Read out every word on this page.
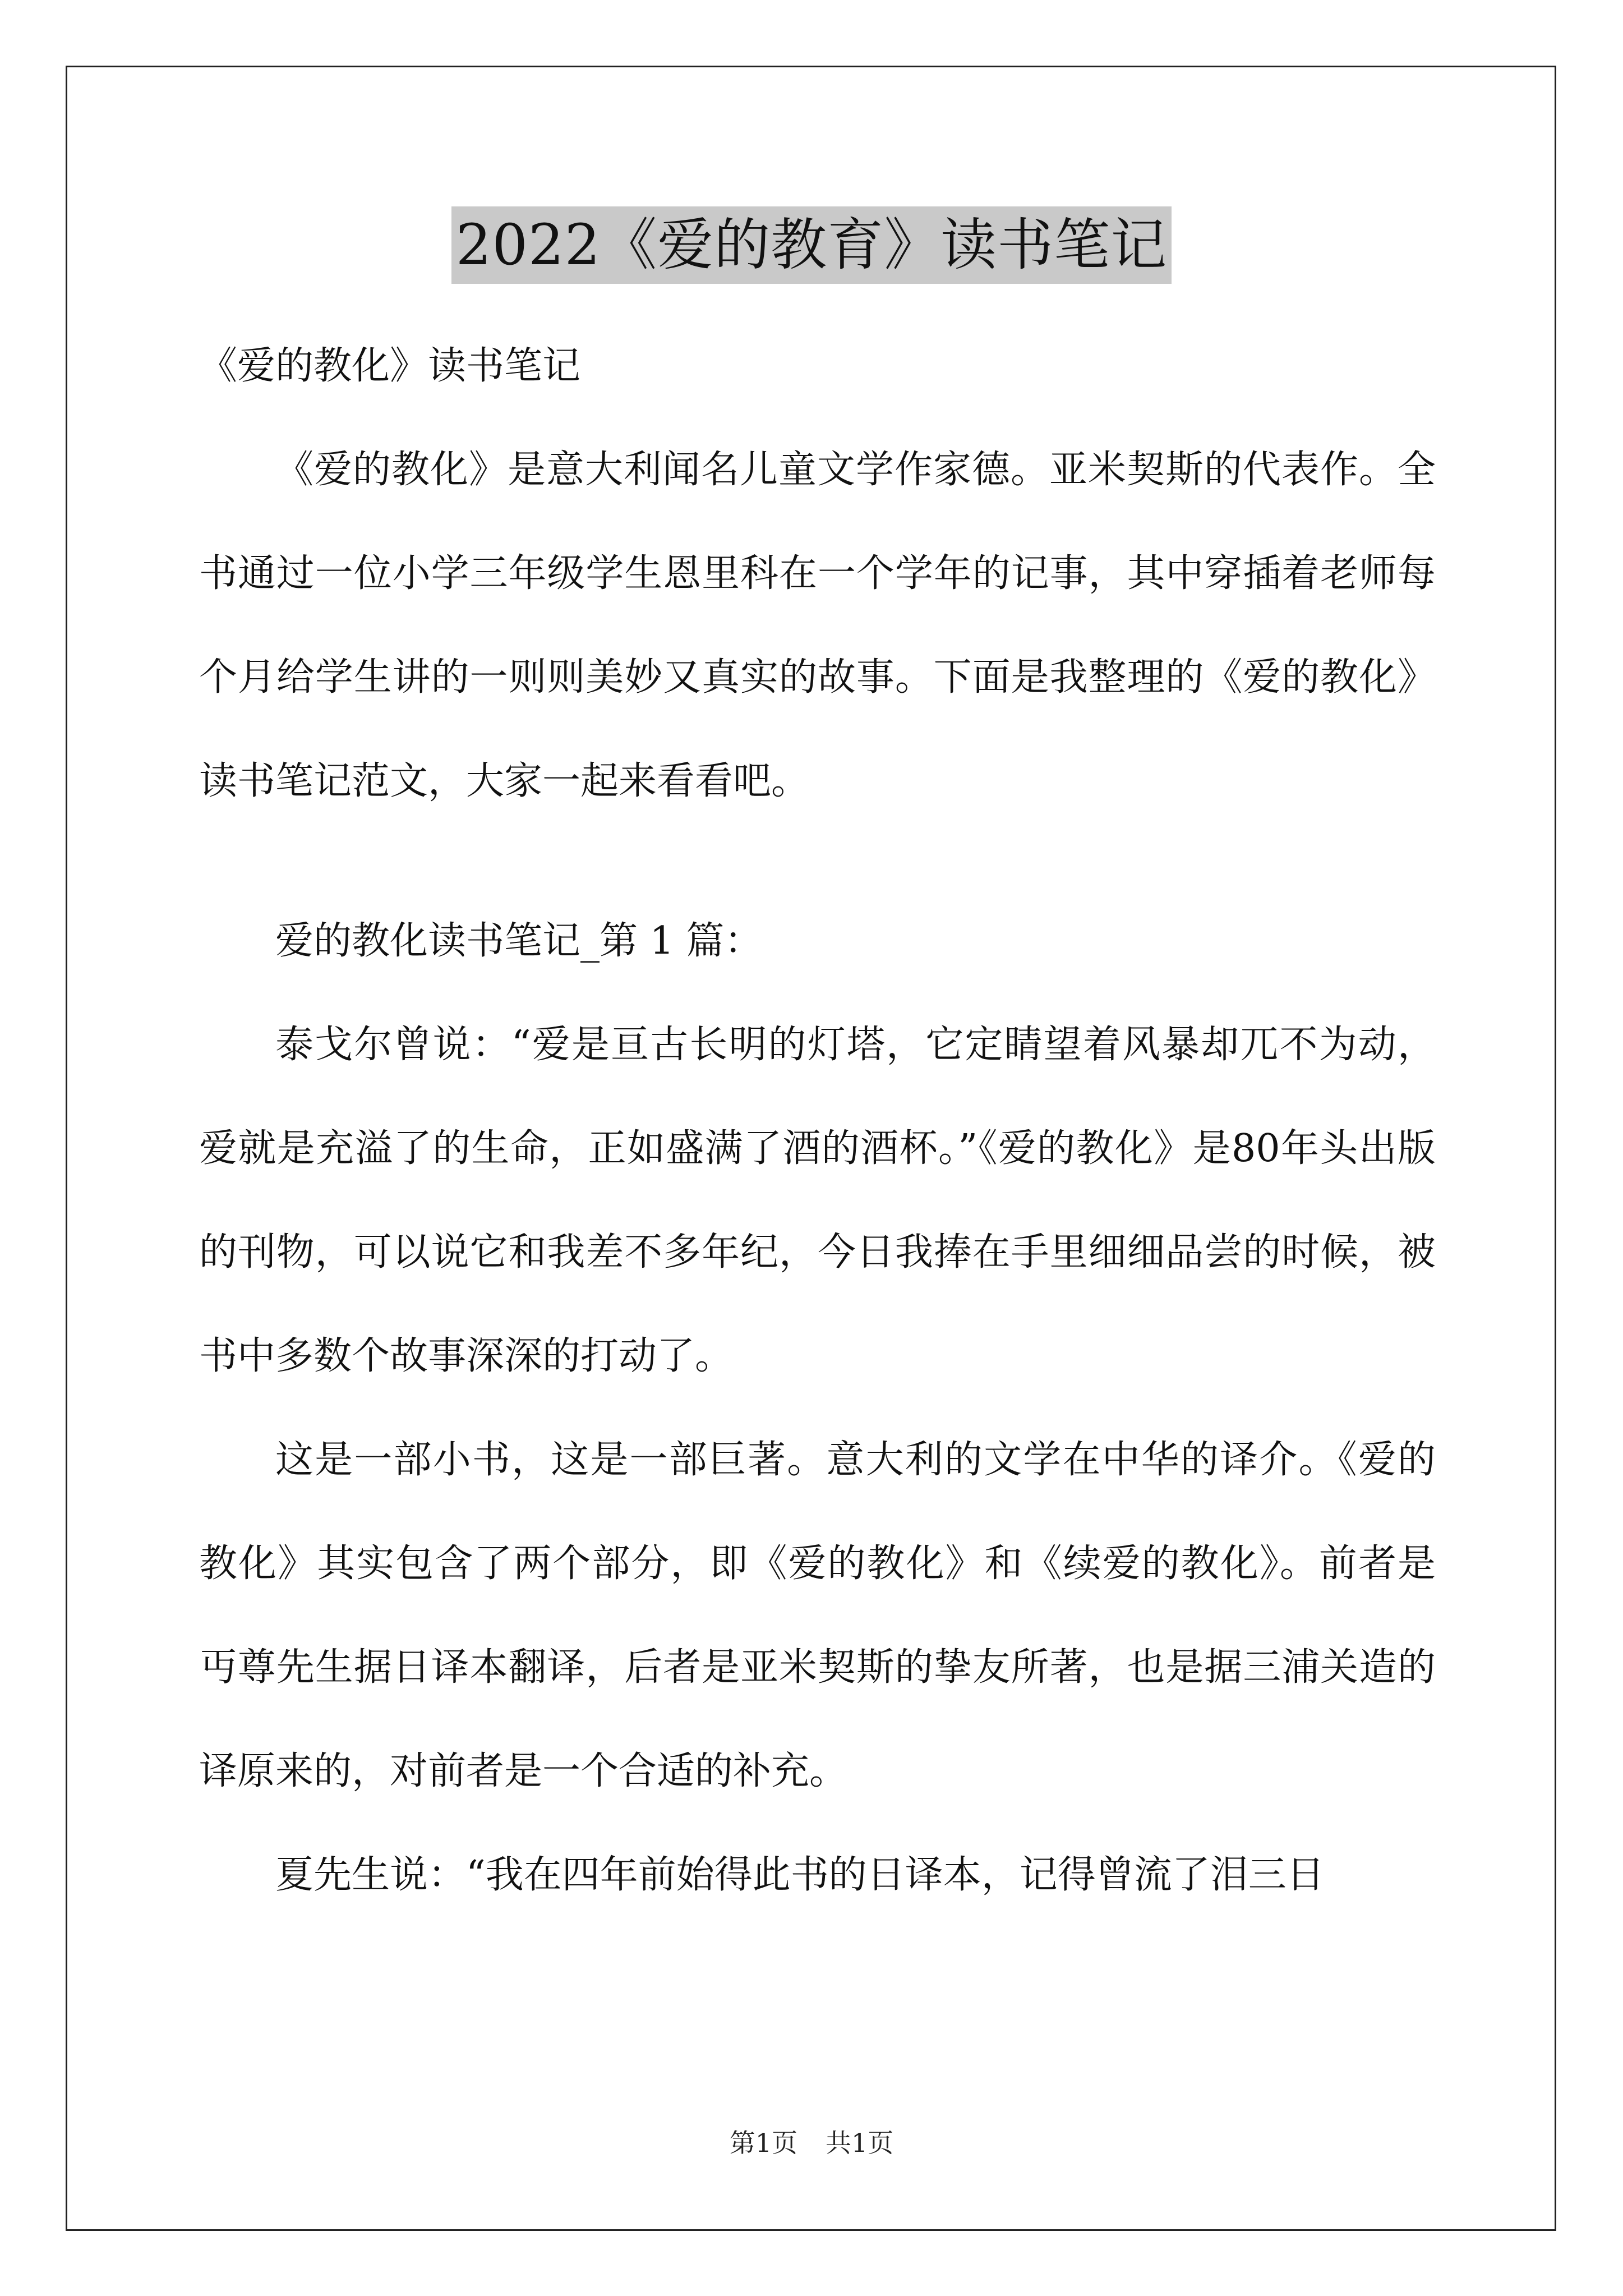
2022《爱的教育》读书笔记

《爱的教化》读书笔记

《爱的教化》是意大利闻名儿童文学作家德。亚米契斯的代表作。全书通过一位小学三年级学生恩里科在一个学年的记事，其中穿插着老师每个月给学生讲的一则则美妙又真实的故事。下面是我整理的《爱的教化》读书笔记范文，大家一起来看看吧。

爱的教化读书笔记_第 1 篇：

泰戈尔曾说：“爱是亘古长明的灯塔，它定睛望着风暴却兀不为动，爱就是充溢了的生命，正如盛满了酒的酒杯。”《爱的教化》是80年头出版的刊物，可以说它和我差不多年纪，今日我捧在手里细细品尝的时候，被书中多数个故事深深的打动了。

这是一部小书，这是一部巨著。意大利的文学在中华的译介。《爱的教化》其实包含了两个部分，即《爱的教化》和《续爱的教化》。前者是丏尊先生据日译本翻译，后者是亚米契斯的挚友所著，也是据三浦关造的译原来的，对前者是一个合适的补充。

夏先生说：“我在四年前始得此书的日译本，记得曾流了泪三日

第1页 共1页
